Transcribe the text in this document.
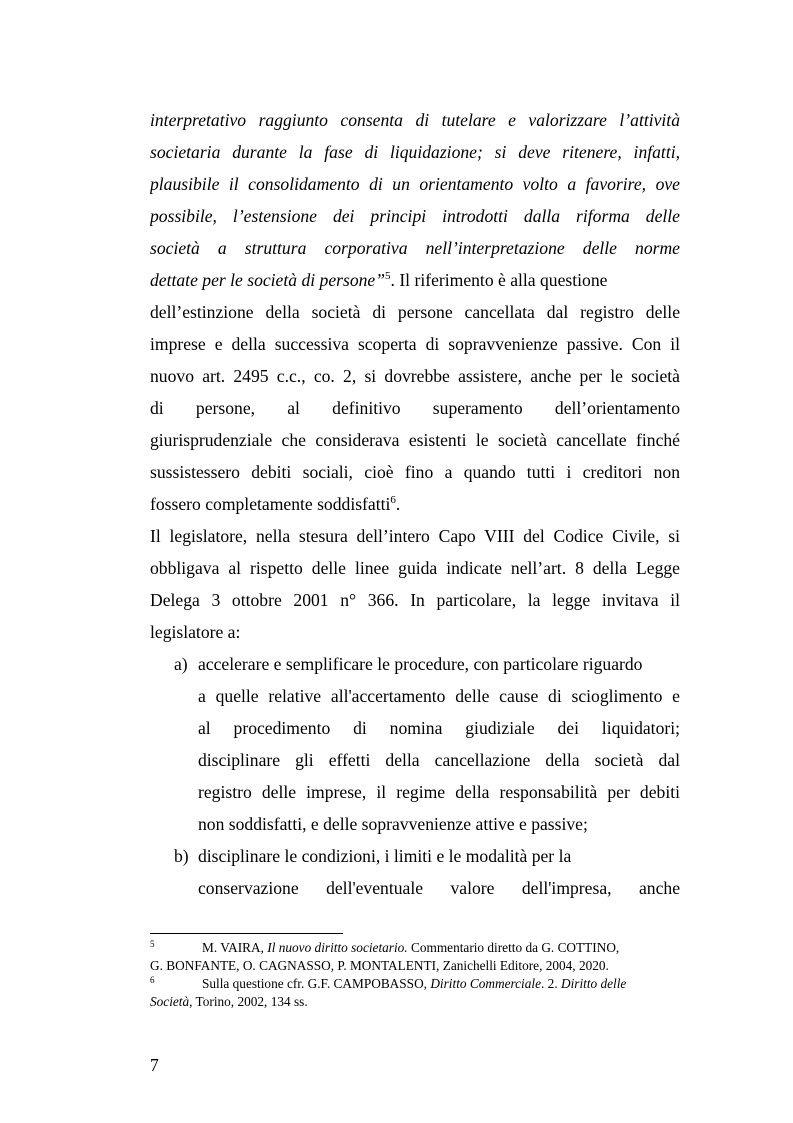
interpretativo raggiunto consenta di tutelare e valorizzare l’attività
societaria durante la fase di liquidazione; si deve ritenere, infatti,
plausibile il consolidamento di un orientamento volto a favorire, ove
possibile, l’estensione dei principi introdotti dalla riforma delle
società a struttura corporativa nell’interpretazione delle norme
dettate per le società di persone”$^5$. Il riferimento è alla questione
dell’estinzione della società di persone cancellata dal registro delle
imprese e della successiva scoperta di sopravvenienze passive. Con il
nuovo art. 2495 c.c., co. 2, si dovrebbe assistere, anche per le società
di persone, al definitivo superamento dell’orientamento
giurisprudenziale che considerava esistenti le società cancellate finché
sussistessero debiti sociali, cioè fino a quando tutti i creditori non
fossero completamente soddisfatti$^6$.
Il legislatore, nella stesura dell’intero Capo VIII del Codice Civile, si
obbligava al rispetto delle linee guida indicate nell’art. 8 della Legge
Delega 3 ottobre 2001 n° 366. In particolare, la legge invitava il
legislatore a:
a) accelerare e semplificare le procedure, con particolare riguardo
a quelle relative all'accertamento delle cause di scioglimento e
al procedimento di nomina giudiziale dei liquidatori;
disciplinare gli effetti della cancellazione della società dal
registro delle imprese, il regime della responsabilità per debiti
non soddisfatti, e delle sopravvenienze attive e passive;
b) disciplinare le condizioni, i limiti e le modalità per la
conservazione dell'eventuale valore dell'impresa, anche
5	M. VAIRA, Il nuovo diritto societario. Commentario diretto da G. COTTINO,
G. BONFANTE, O. CAGNASSO, P. MONTALENTI, Zanichelli Editore, 2004, 2020.
6	Sulla questione cfr. G.F. CAMPOBASSO, Diritto Commerciale. 2. Diritto delle
Società, Torino, 2002, 134 ss.
7
